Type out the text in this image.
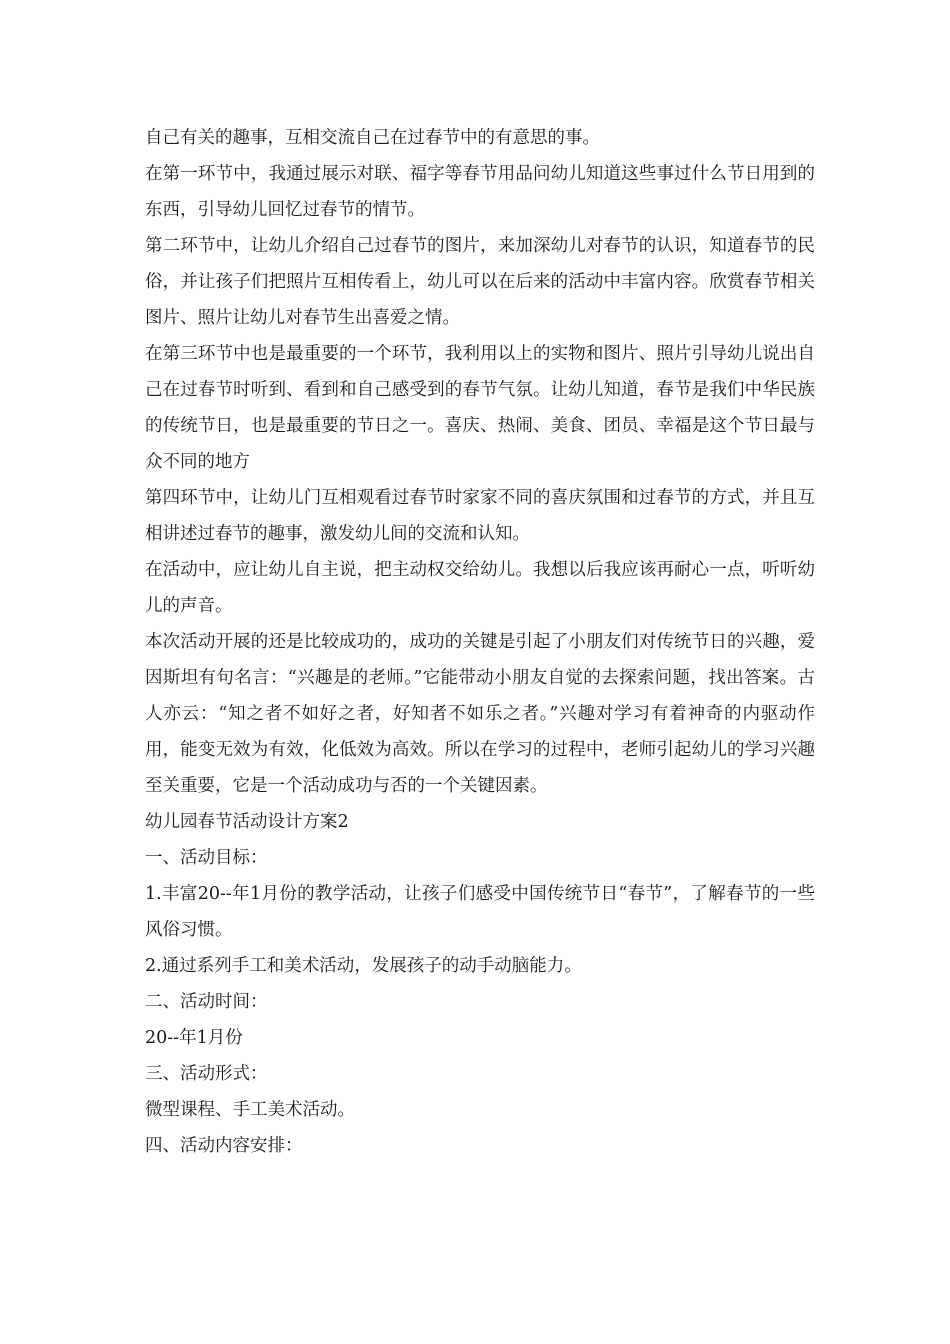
自己有关的趣事，互相交流自己在过春节中的有意思的事。

在第一环节中，我通过展示对联、福字等春节用品问幼儿知道这些事过什么节日用到的东西，引导幼儿回忆过春节的情节。

第二环节中，让幼儿介绍自己过春节的图片，来加深幼儿对春节的认识，知道春节的民俗，并让孩子们把照片互相传看上，幼儿可以在后来的活动中丰富内容。欣赏春节相关图片、照片让幼儿对春节生出喜爱之情。

在第三环节中也是最重要的一个环节，我利用以上的实物和图片、照片引导幼儿说出自己在过春节时听到、看到和自己感受到的春节气氛。让幼儿知道，春节是我们中华民族的传统节日，也是最重要的节日之一。喜庆、热闹、美食、团员、幸福是这个节日最与众不同的地方

第四环节中，让幼儿门互相观看过春节时家家不同的喜庆氛围和过春节的方式，并且互相讲述过春节的趣事，激发幼儿间的交流和认知。

在活动中，应让幼儿自主说，把主动权交给幼儿。我想以后我应该再耐心一点，听听幼儿的声音。

本次活动开展的还是比较成功的，成功的关键是引起了小朋友们对传统节日的兴趣，爱因斯坦有句名言：“兴趣是的老师。”它能带动小朋友自觉的去探索问题，找出答案。古人亦云：“知之者不如好之者，好知者不如乐之者。”兴趣对学习有着神奇的内驱动作用，能变无效为有效，化低效为高效。所以在学习的过程中，老师引起幼儿的学习兴趣至关重要，它是一个活动成功与否的一个关键因素。

幼儿园春节活动设计方案2

一、活动目标：

1.丰富20--年1月份的教学活动，让孩子们感受中国传统节日“春节”，了解春节的一些风俗习惯。

2.通过系列手工和美术活动，发展孩子的动手动脑能力。

二、活动时间：

20--年1月份

三、活动形式：

微型课程、手工美术活动。

四、活动内容安排：
